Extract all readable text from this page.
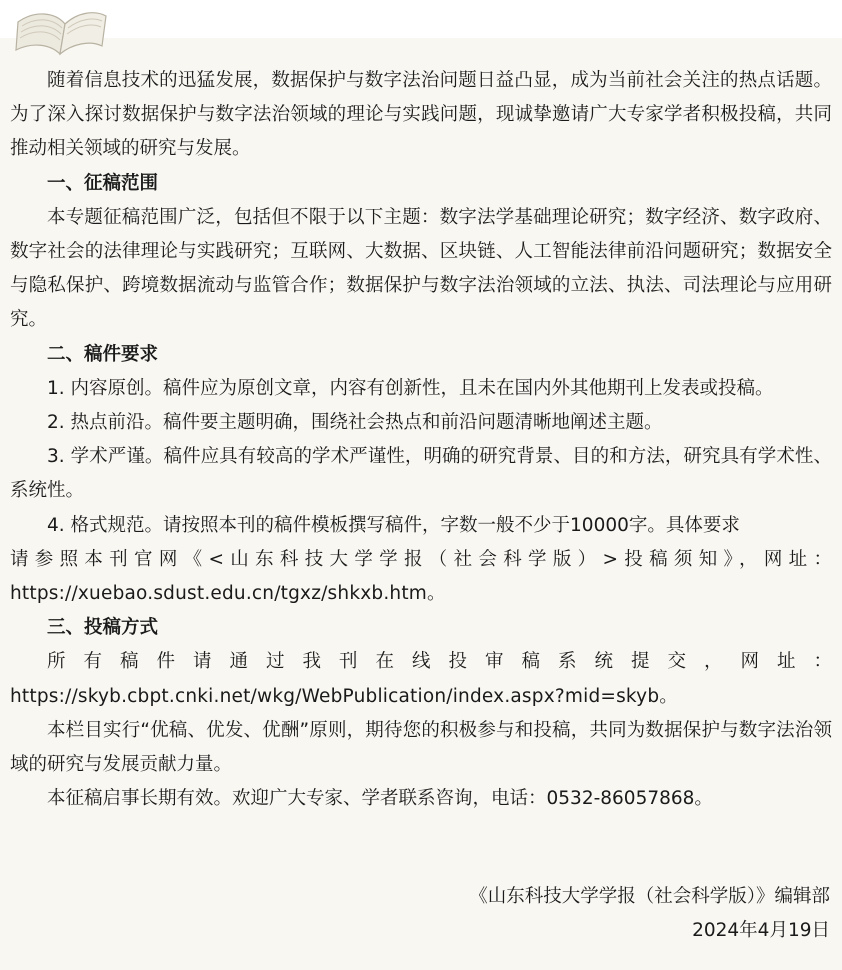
随着信息技术的迅猛发展，数据保护与数字法治问题日益凸显，成为当前社会关注的热点话题。为了深入探讨数据保护与数字法治领域的理论与实践问题，现诚挚邀请广大专家学者积极投稿，共同推动相关领域的研究与发展。

一、征稿范围

本专题征稿范围广泛，包括但不限于以下主题：数字法学基础理论研究；数字经济、数字政府、数字社会的法律理论与实践研究；互联网、大数据、区块链、人工智能法律前沿问题研究；数据安全与隐私保护、跨境数据流动与监管合作；数据保护与数字法治领域的立法、执法、司法理论与应用研究。

二、稿件要求

1. 内容原创。稿件应为原创文章，内容有创新性，且未在国内外其他期刊上发表或投稿。

2. 热点前沿。稿件要主题明确，围绕社会热点和前沿问题清晰地阐述主题。

3. 学术严谨。稿件应具有较高的学术严谨性，明确的研究背景、目的和方法，研究具有学术性、系统性。

4. 格式规范。请按照本刊的稿件模板撰写稿件，字数一般不少于10000字。具体要求

请参照本刊官网《<山东科技大学学报（社会科学版）>投稿须知》，网址：

https://xuebao.sdust.edu.cn/tgxz/shkxb.htm。

三、投稿方式

所有稿件请通过我刊在线投审稿系统提交，网址：

https://skyb.cbpt.cnki.net/wkg/WebPublication/index.aspx?mid=skyb。

本栏目实行“优稿、优发、优酬”原则，期待您的积极参与和投稿，共同为数据保护与数字法治领域的研究与发展贡献力量。

本征稿启事长期有效。欢迎广大专家、学者联系咨询，电话：0532-86057868。

《山东科技大学学报（社会科学版）》编辑部
2024年4月19日
